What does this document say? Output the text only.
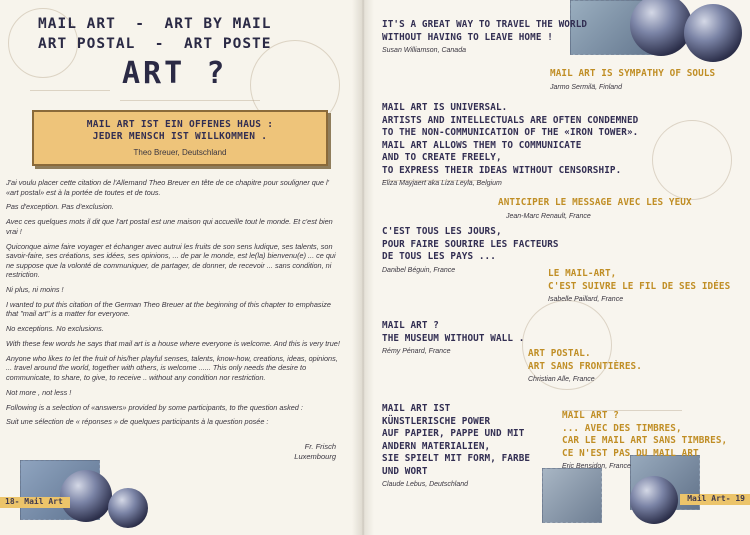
MAIL ART  -  ART BY MAIL
ART POSTAL  -  ART POSTE
ART ?
MAIL ART IST EIN OFFENES HAUS :
JEDER MENSCH IST WILLKOMMEN .
Theo Breuer, Deutschland

J'ai voulu placer cette citation de l'Allemand Theo Breuer en tête de ce chapitre pour souligner que l' «art postal» est à la portée de toutes et de tous.

Pas d'exception. Pas d'exclusion.

Avec ces quelques mots il dit que l'art postal est une maison qui accueille tout le monde. Et c'est bien vrai !

Quiconque aime faire voyager et échanger avec autrui les fruits de son sens ludique, ses talents, son savoir-faire, ses créations, ses idées, ses opinions, ... de par le monde, est le(la) bienvenu(e) ... ce qui ne suppose que la volonté de communiquer, de partager, de donner, de recevoir ... sans condition, ni restriction.

Ni plus, ni moins !

I wanted to put this citation of the German Theo Breuer at the beginning of this chapter to emphasize that "mail art" is a matter for everyone.

No exceptions. No exclusions.

With these few words he says that mail art is a house where everyone is welcome. And this is very true!

Anyone who likes to let the fruit of his/her playful senses, talents, know-how, creations, ideas, opinions, ... travel around the world, together with others, is welcome ...... This only needs the desire to communicate, to share, to give, to receive .. without any condition nor restriction.

Not more , not less !

Following is a selection of «answers» provided by some participants, to the question asked :

Suit une sélection de « réponses » de quelques participants à la question posée :

Fr. Frisch
Luxembourg
18- Mail Art
IT'S A GREAT WAY TO TRAVEL THE WORLD
WITHOUT HAVING TO LEAVE HOME !
Susan Williamson, Canada
MAIL ART IS SYMPATHY OF SOULS
Jarmo Sermilä, Finland
MAIL ART IS UNIVERSAL.
ARTISTS AND INTELLECTUALS ARE OFTEN CONDEMNED
TO THE NON-COMMUNICATION OF THE «IRON TOWER».
MAIL ART ALLOWS THEM TO COMMUNICATE
AND TO CREATE FREELY,
TO EXPRESS THEIR IDEAS WITHOUT CENSORSHIP.
Eliza Mayjaert aka Liza Leyla, Belgium
ANTICIPER LE MESSAGE AVEC LES YEUX
Jean-Marc Renault, France
C'EST TOUS LES JOURS,
POUR FAIRE SOURIRE LES FACTEURS
DE TOUS LES PAYS ...
Danibel Béguin, France	LE MAIL-ART,
C'EST SUIVRE LE FIL DE SES IDÉES
Isabelle Paillard, France
MAIL ART ?
THE MUSEUM WITHOUT WALL .
Rémy Pénard, France	ART POSTAL.
ART SANS FRONTIÈRES.
Christian Alle, France
MAIL ART IST
KÜNSTLERISCHE POWER
AUF PAPIER, PAPPE UND MIT
ANDERN MATERIALIEN,
SIE SPIELT MIT FORM, FARBE
UND WORT
Claude Lebus, Deutschland
MAIL ART ?
... AVEC DES TIMBRES,
CAR LE MAIL ART SANS TIMBRES,
CE N'EST PAS DU MAIL ART
Eric Bensidon, France
Mail Art- 19
